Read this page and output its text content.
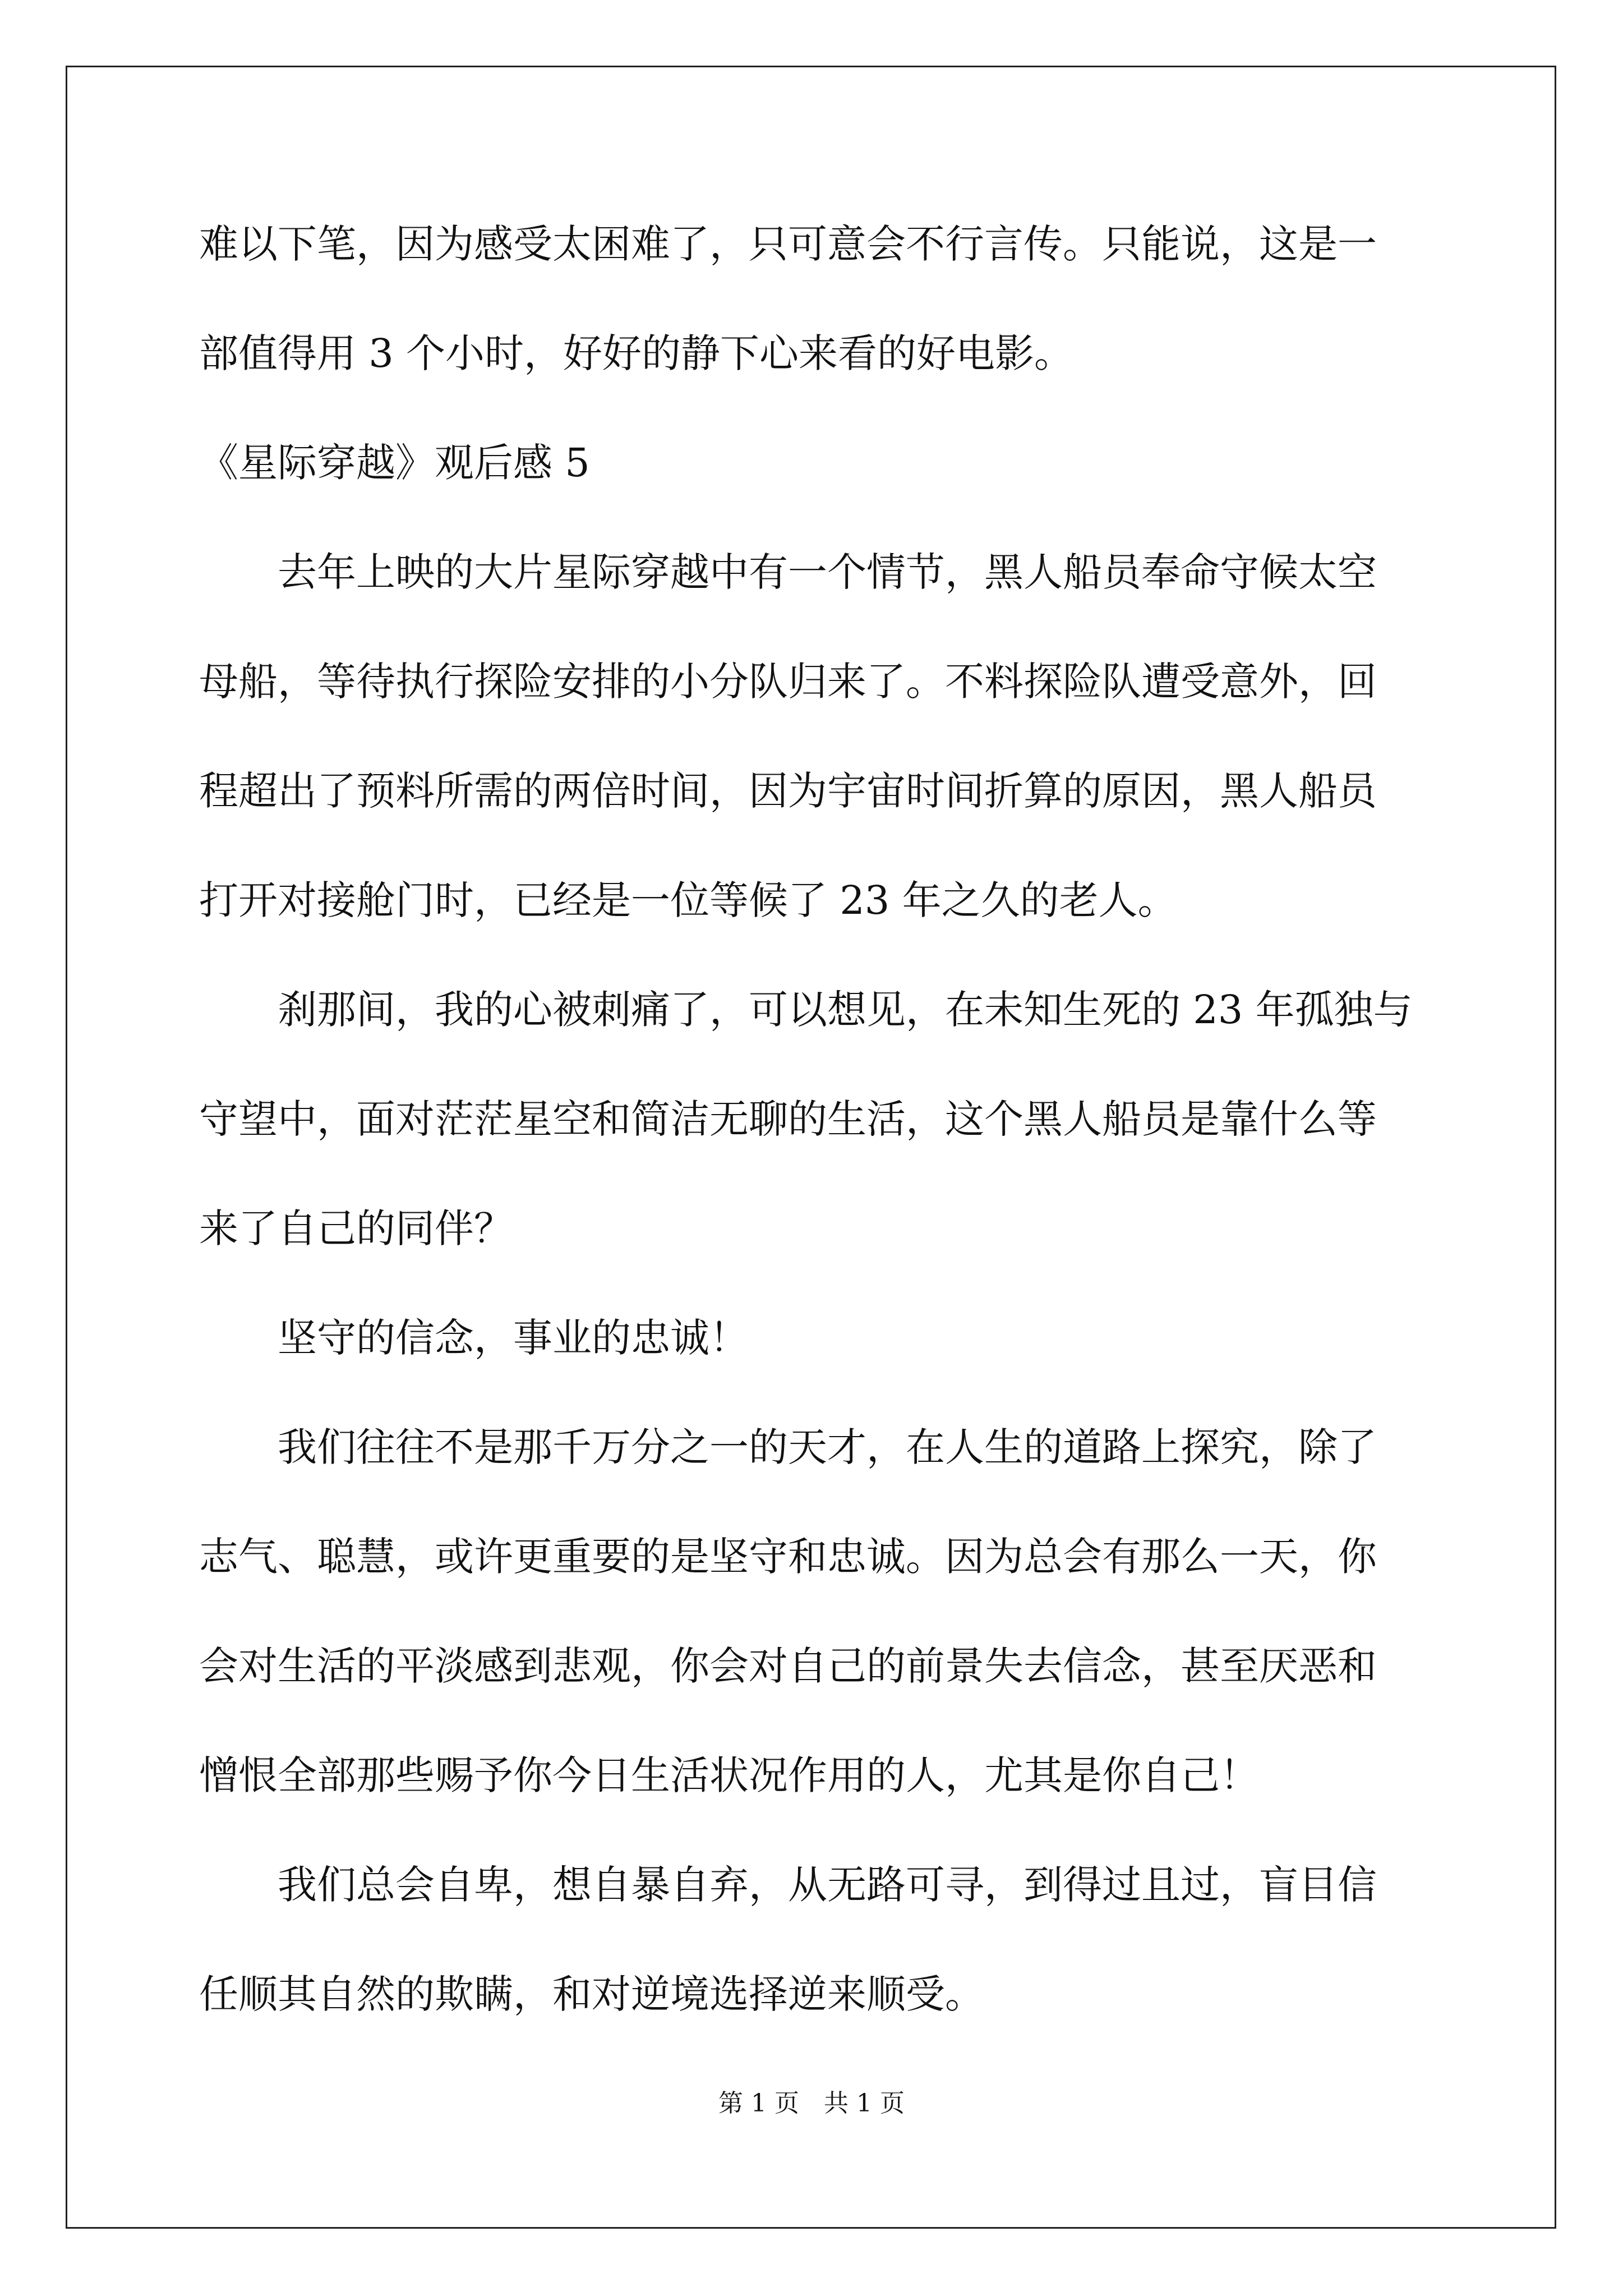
难以下笔，因为感受太困难了，只可意会不行言传。只能说，这是一
部值得用 3 个小时，好好的静下心来看的好电影。
《星际穿越》观后感 5
去年上映的大片星际穿越中有一个情节，黑人船员奉命守候太空
母船，等待执行探险安排的小分队归来了。不料探险队遭受意外，回
程超出了预料所需的两倍时间，因为宇宙时间折算的原因，黑人船员
打开对接舱门时，已经是一位等候了 23 年之久的老人。
刹那间，我的心被刺痛了，可以想见，在未知生死的 23 年孤独与
守望中，面对茫茫星空和简洁无聊的生活，这个黑人船员是靠什么等
来了自己的同伴？
坚守的信念，事业的忠诚！
我们往往不是那千万分之一的天才，在人生的道路上探究，除了
志气、聪慧，或许更重要的是坚守和忠诚。因为总会有那么一天，你
会对生活的平淡感到悲观，你会对自己的前景失去信念，甚至厌恶和
憎恨全部那些赐予你今日生活状况作用的人，尤其是你自己！
我们总会自卑，想自暴自弃，从无路可寻，到得过且过，盲目信
任顺其自然的欺瞒，和对逆境选择逆来顺受。
第 1 页　共 1 页
